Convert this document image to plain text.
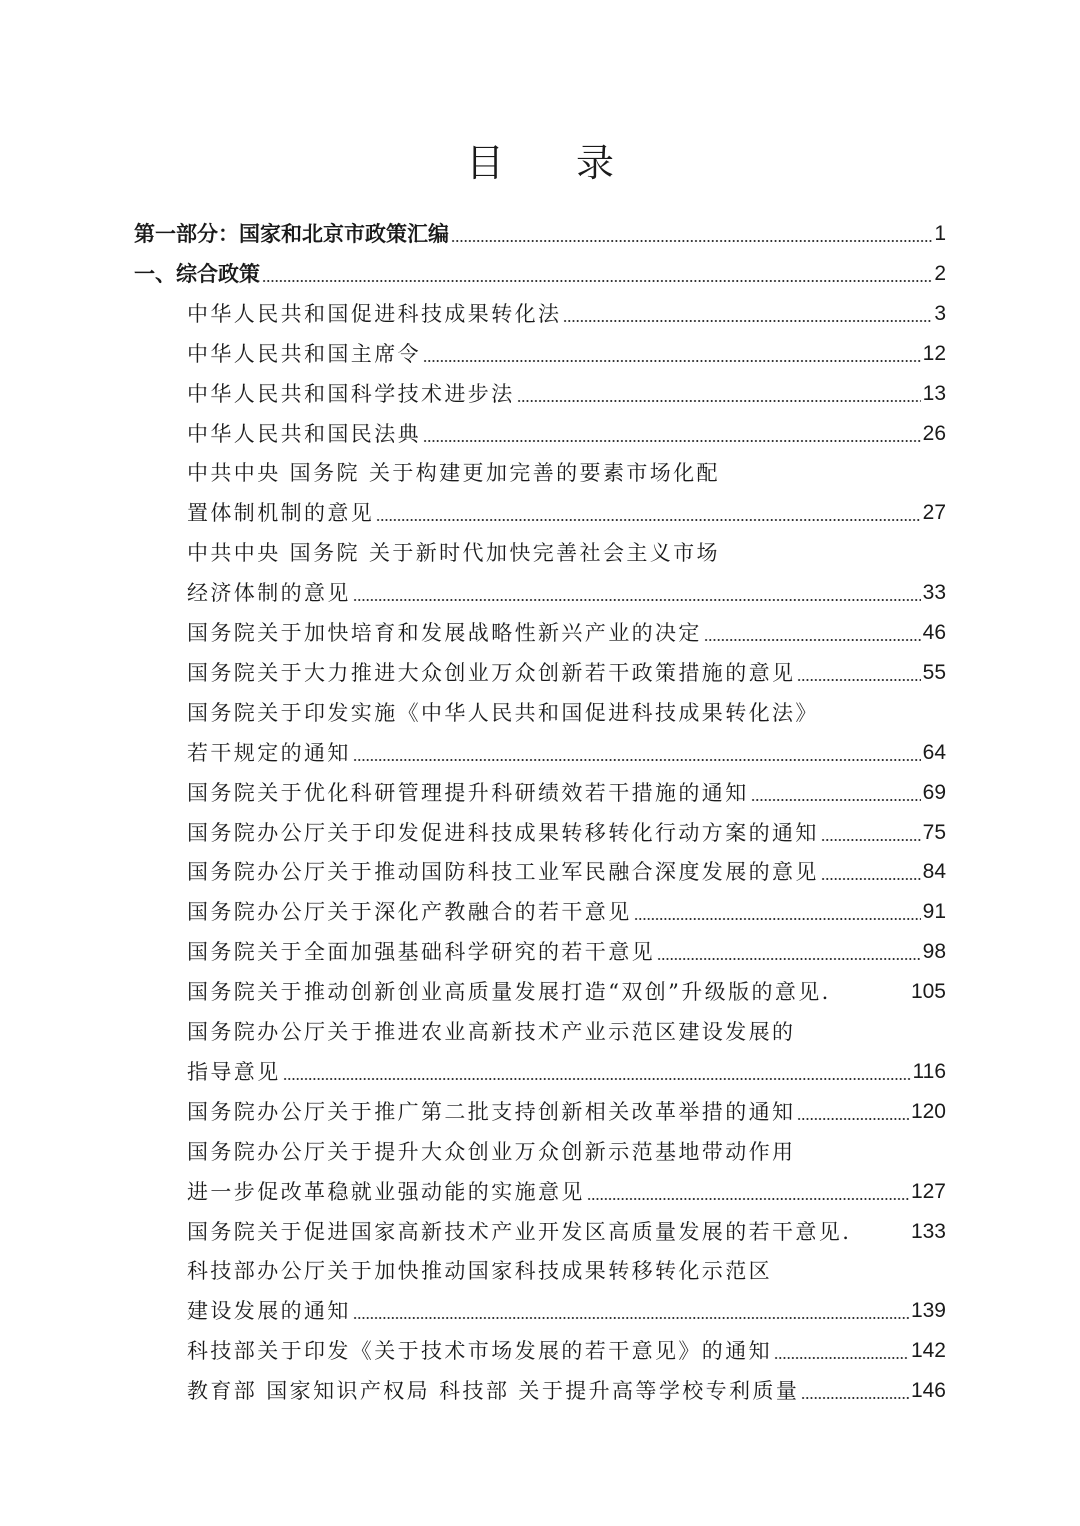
目 录
第一部分：国家和北京市政策汇编	1
一、综合政策	2
中华人民共和国促进科技成果转化法	3
中华人民共和国主席令	12
中华人民共和国科学技术进步法	13
中华人民共和国民法典	26
中共中央 国务院 关于构建更加完善的要素市场化配
置体制机制的意见	27
中共中央 国务院 关于新时代加快完善社会主义市场
经济体制的意见	33
国务院关于加快培育和发展战略性新兴产业的决定	46
国务院关于大力推进大众创业万众创新若干政策措施的意见	55
国务院关于印发实施《中华人民共和国促进科技成果转化法》
若干规定的通知	64
国务院关于优化科研管理提升科研绩效若干措施的通知	69
国务院办公厅关于印发促进科技成果转移转化行动方案的通知	75
国务院办公厅关于推动国防科技工业军民融合深度发展的意见	84
国务院办公厅关于深化产教融合的若干意见	91
国务院关于全面加强基础科学研究的若干意见	98
国务院关于推动创新创业高质量发展打造“双创”升级版的意见.	105
国务院办公厅关于推进农业高新技术产业示范区建设发展的
指导意见	116
国务院办公厅关于推广第二批支持创新相关改革举措的通知	120
国务院办公厅关于提升大众创业万众创新示范基地带动作用
进一步促改革稳就业强动能的实施意见	127
国务院关于促进国家高新技术产业开发区高质量发展的若干意见.	133
科技部办公厅关于加快推动国家科技成果转移转化示范区
建设发展的通知	139
科技部关于印发《关于技术市场发展的若干意见》的通知	142
教育部 国家知识产权局 科技部 关于提升高等学校专利质量	146
